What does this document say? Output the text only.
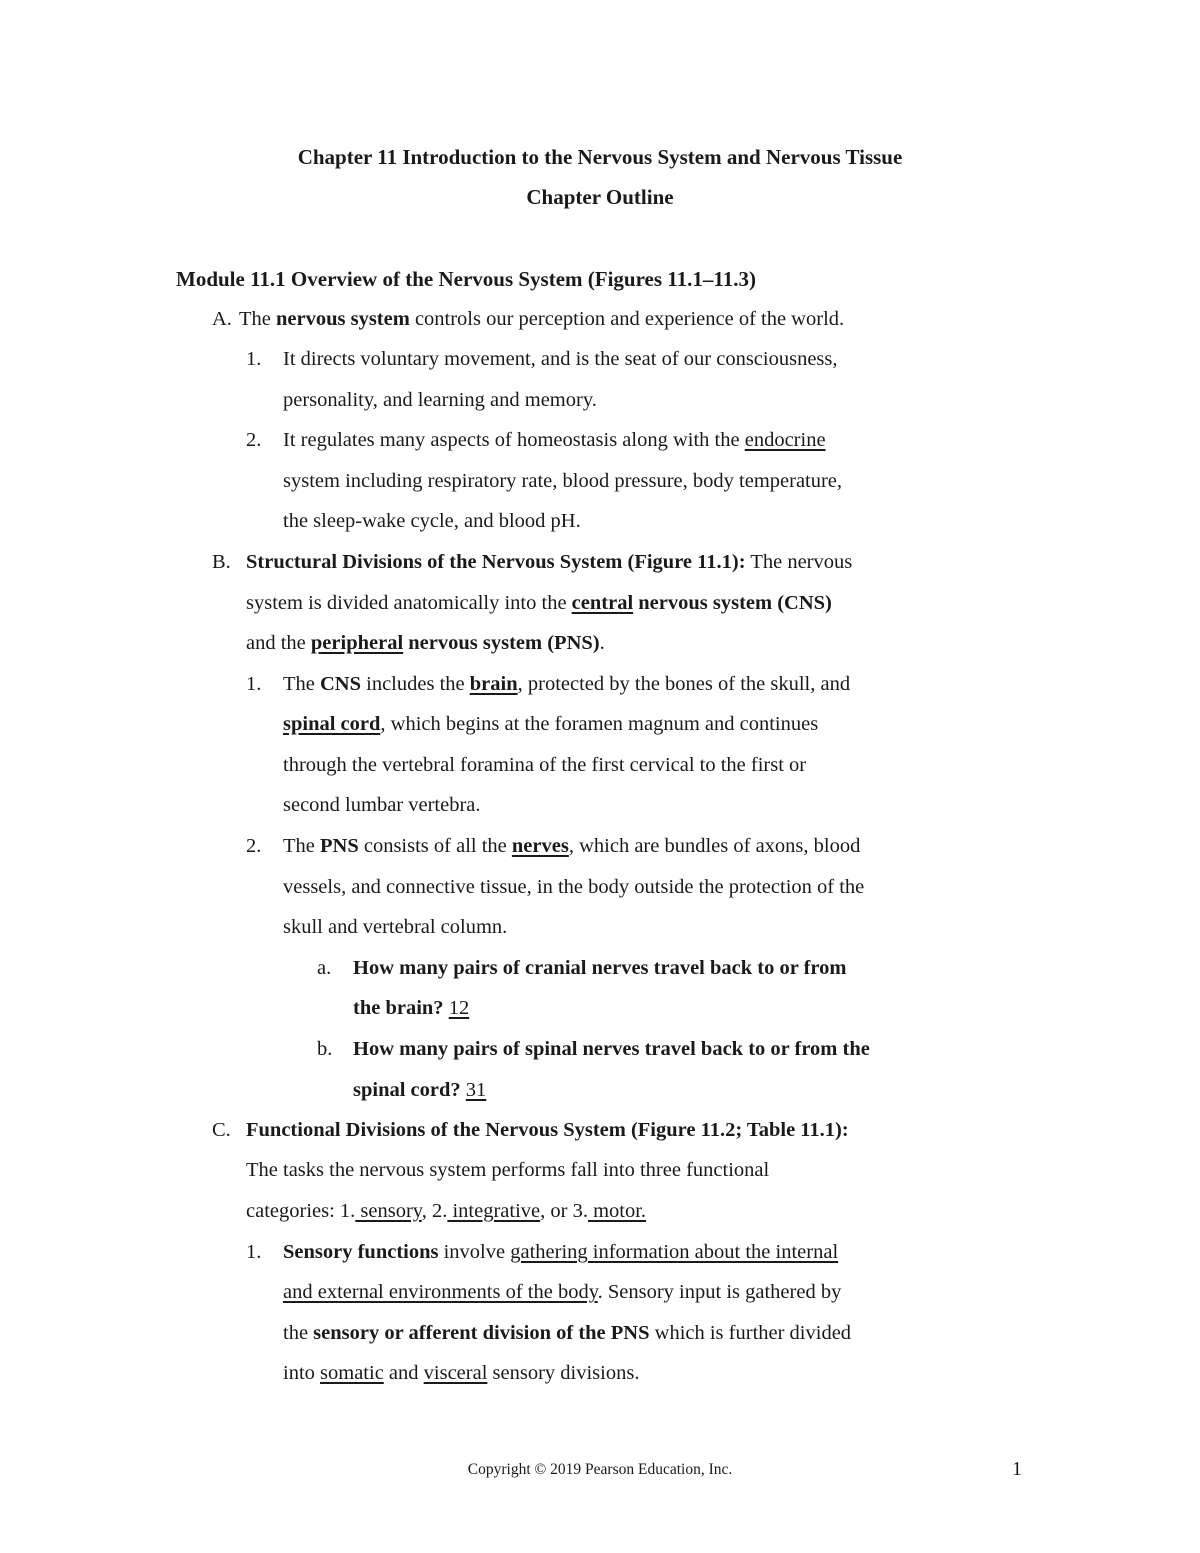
Chapter 11 Introduction to the Nervous System and Nervous Tissue
Chapter Outline
Module 11.1 Overview of the Nervous System (Figures 11.1–11.3)
A. The nervous system controls our perception and experience of the world.
1. It directs voluntary movement, and is the seat of our consciousness,
personality, and learning and memory.
2. It regulates many aspects of homeostasis along with the endocrine
system including respiratory rate, blood pressure, body temperature,
the sleep-wake cycle, and blood pH.
B. Structural Divisions of the Nervous System (Figure 11.1): The nervous
system is divided anatomically into the central nervous system (CNS)
and the peripheral nervous system (PNS).
1. The CNS includes the brain, protected by the bones of the skull, and
spinal cord, which begins at the foramen magnum and continues
through the vertebral foramina of the first cervical to the first or
second lumbar vertebra.
2. The PNS consists of all the nerves, which are bundles of axons, blood
vessels, and connective tissue, in the body outside the protection of the
skull and vertebral column.
a. How many pairs of cranial nerves travel back to or from
the brain? 12
b. How many pairs of spinal nerves travel back to or from the
spinal cord? 31
C. Functional Divisions of the Nervous System (Figure 11.2; Table 11.1):
The tasks the nervous system performs fall into three functional
categories: 1. sensory, 2. integrative, or 3. motor.
1. Sensory functions involve gathering information about the internal
and external environments of the body. Sensory input is gathered by
the sensory or afferent division of the PNS which is further divided
into somatic and visceral sensory divisions.
Copyright © 2019 Pearson Education, Inc.	1
